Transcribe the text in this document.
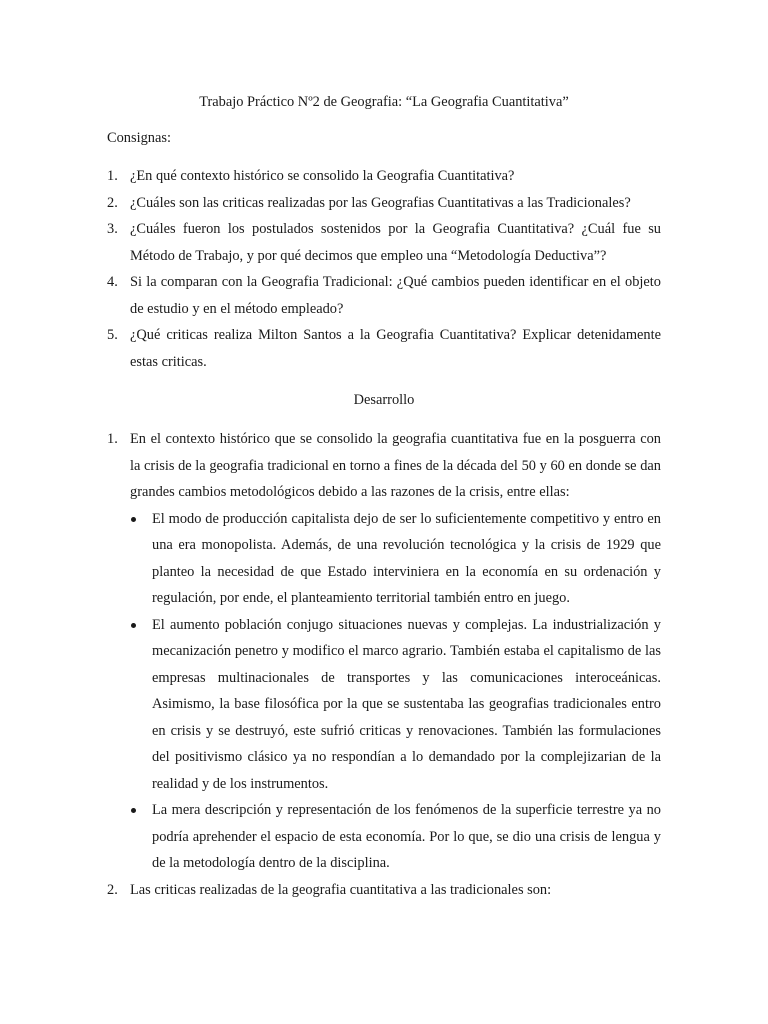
Trabajo Práctico Nº2 de Geografia: “La Geografia Cuantitativa”
Consignas:
1. ¿En qué contexto histórico se consolido la Geografia Cuantitativa?
2. ¿Cuáles son las criticas realizadas por las Geografias Cuantitativas a las Tradicionales?
3. ¿Cuáles fueron los postulados sostenidos por la Geografia Cuantitativa? ¿Cuál fue su Método de Trabajo, y por qué decimos que empleo una “Metodología Deductiva”?
4. Si la comparan con la Geografia Tradicional: ¿Qué cambios pueden identificar en el objeto de estudio y en el método empleado?
5. ¿Qué criticas realiza Milton Santos a la Geografia Cuantitativa? Explicar detenidamente estas criticas.
Desarrollo
1. En el contexto histórico que se consolido la geografia cuantitativa fue en la posguerra con la crisis de la geografia tradicional en torno a fines de la década del 50 y 60 en donde se dan grandes cambios metodológicos debido a las razones de la crisis, entre ellas:
El modo de producción capitalista dejo de ser lo suficientemente competitivo y entro en una era monopolista. Además, de una revolución tecnológica y la crisis de 1929 que planteo la necesidad de que Estado interviniera en la economía en su ordenación y regulación, por ende, el planteamiento territorial también entro en juego.
El aumento población conjugo situaciones nuevas y complejas. La industrialización y mecanización penetro y modifico el marco agrario. También estaba el capitalismo de las empresas multinacionales de transportes y las comunicaciones interoceánicas. Asimismo, la base filosófica por la que se sustentaba las geografias tradicionales entro en crisis y se destruyó, este sufrió criticas y renovaciones. También las formulaciones del positivismo clásico ya no respondían a lo demandado por la complejizarian de la realidad y de los instrumentos.
La mera descripción y representación de los fenómenos de la superficie terrestre ya no podría aprehender el espacio de esta economía. Por lo que, se dio una crisis de lengua y de la metodología dentro de la disciplina.
2. Las criticas realizadas de la geografia cuantitativa a las tradicionales son:
